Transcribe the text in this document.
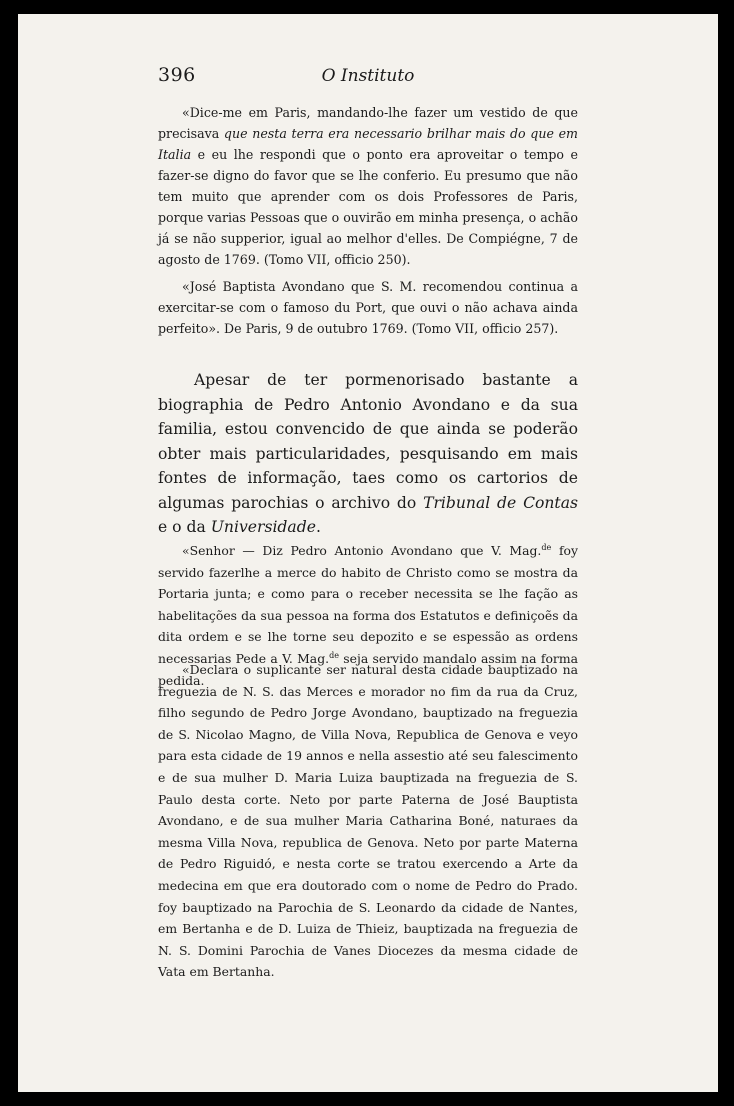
396	O Instituto

«Dice-me em Paris, mandando-lhe fazer um vestido de que precisava que nesta terra era necessario brilhar mais do que em Italia e eu lhe respondi que o ponto era aproveitar o tempo e fazer-se digno do favor que se lhe conferio. Eu presumo que não tem muito que aprender com os dois Professores de Paris, porque varias Pessoas que o ouvirão em minha presença, o achão já se não supperior, igual ao melhor d'elles. De Compiégne, 7 de agosto de 1769. (Tomo VII, officio 250).

«José Baptista Avondano que S. M. recomendou continua a exercitar-se com o famoso du Port, que ouvi o não achava ainda perfeito». De Paris, 9 de outubro 1769. (Tomo VII, officio 257).

Apesar de ter pormenorisado bastante a biographia de Pedro Antonio Avondano e da sua familia, estou convencido de que ainda se poderão obter mais particularidades, pesquisando em mais fontes de informação, taes como os cartorios de algumas parochias o archivo do Tribunal de Contas e o da Universidade.

«Senhor — Diz Pedro Antonio Avondano que V. Mag.$^{de}$ foy servido fazerlhe a merce do habito de Christo como se mostra da Portaria junta; e como para o receber necessita se lhe fação as habelitações da sua pessoa na forma dos Estatutos e definiçoẽs da dita ordem e se lhe torne seu depozito e se espessão as ordens necessarias Pede a V. Mag.$^{de}$ seja servido mandalo assim na forma pedida.

«Declara o suplicante ser natural desta cidade bauptizado na freguezia de N. S. das Merces e morador no fim da rua da Cruz, filho segundo de Pedro Jorge Avondano, bauptizado na freguezia de S. Nicolao Magno, de Villa Nova, Republica de Genova e veyo para esta cidade de 19 annos e nella assestio até seu falescimento e de sua mulher D. Maria Luiza bauptizada na freguezia de S. Paulo desta corte. Neto por parte Paterna de José Bauptista Avondano, e de sua mulher Maria Catharina Boné, naturaes da mesma Villa Nova, republica de Genova. Neto por parte Materna de Pedro Riguidó, e nesta corte se tratou exercendo a Arte da medecina em que era doutorado com o nome de Pedro do Prado. foy bauptizado na Parochia de S. Leonardo da cidade de Nantes, em Bertanha e de D. Luiza de Thieiz, bauptizada na freguezia de N. S. Domini Parochia de Vanes Diocezes da mesma cidade de Vata em Bertanha.
